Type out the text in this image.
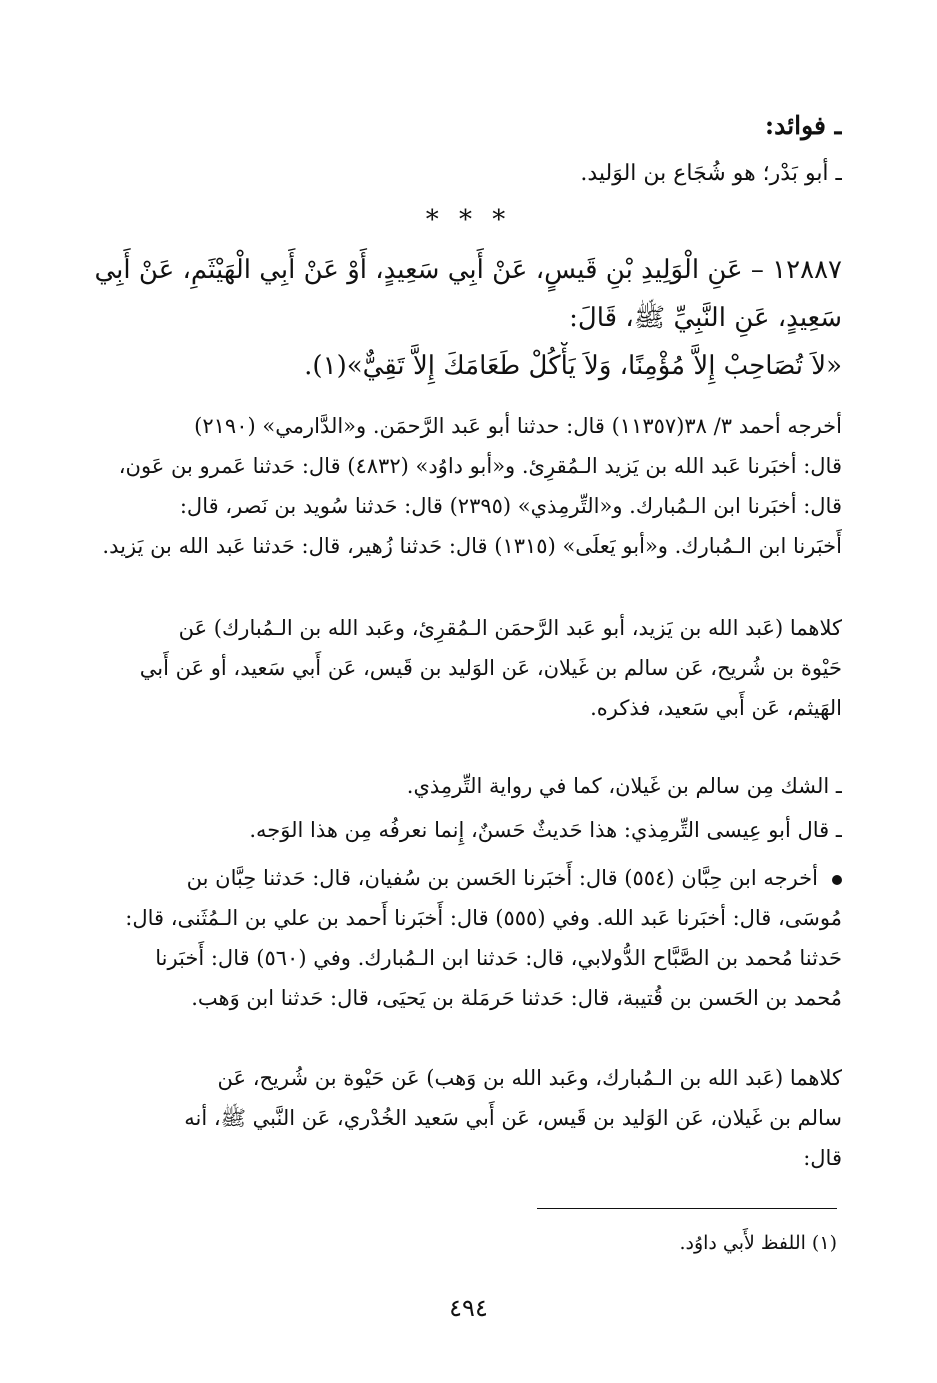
ـ فوائد:
ـ أبو بَدْر؛ هو شُجَاع بن الوَليد.
* * *
١٢٨٨٧ – عَنِ الْوَلِيدِ بْنِ قَيسٍ، عَنْ أَبِي سَعِيدٍ، أَوْ عَنْ أَبِي الْهَيْثَمِ، عَنْ أَبِي
سَعِيدٍ، عَنِ النَّبِيِّ ﷺ، قَالَ:
«لاَ تُصَاحِبْ إِلاَّ مُؤْمِنًا، وَلاَ يَأْكُلْ طَعَامَكَ إِلاَّ تَقِيٌّ»(١).
أخرجه أحمد ٣/ ٣٨(١١٣٥٧) قال: حدثنا أبو عَبد الرَّحمَن. و«الدَّارمي» (٢١٩٠)
قال: أخبَرنا عَبد الله بن يَزيد الـمُقرِئ. و«أبو داوُد» (٤٨٣٢) قال: حَدثنا عَمرو بن عَون،
قال: أخبَرنا ابن الـمُبارك. و«التِّرمِذي» (٢٣٩٥) قال: حَدثنا سُويد بن نَصر، قال:
أَخبَرنا ابن الـمُبارك. و«أبو يَعلَى» (١٣١٥) قال: حَدثنا زُهير، قال: حَدثنا عَبد الله بن يَزيد.
كلاهما (عَبد الله بن يَزيد، أبو عَبد الرَّحمَن الـمُقرِئ، وعَبد الله بن الـمُبارك) عَن
حَيْوة بن شُريح، عَن سالم بن غَيلان، عَن الوَليد بن قَيس، عَن أَبي سَعيد، أو عَن أَبي
الهَيثم، عَن أَبي سَعيد، فذكره.
ـ الشك مِن سالم بن غَيلان، كما في رواية التِّرمِذي.
ـ قال أبو عِيسى التِّرمِذي: هذا حَديثٌ حَسنٌ، إِنما نعرفُه مِن هذا الوَجه.
أخرجه ابن حِبَّان (٥٥٤) قال: أَخبَرنا الحَسن بن سُفيان، قال: حَدثنا حِبَّان بن
مُوسَى، قال: أخبَرنا عَبد الله. وفي (٥٥٥) قال: أَخبَرنا أَحمد بن علي بن الـمُثَنى، قال:
حَدثنا مُحمد بن الصَّبَّاح الدُّولابي، قال: حَدثنا ابن الـمُبارك. وفي (٥٦٠) قال: أَخبَرنا
مُحمد بن الحَسن بن قُتيبة، قال: حَدثنا حَرمَلة بن يَحيَى، قال: حَدثنا ابن وَهب.
كلاهما (عَبد الله بن الـمُبارك، وعَبد الله بن وَهب) عَن حَيْوة بن شُريح، عَن
سالم بن غَيلان، عَن الوَليد بن قَيس، عَن أَبي سَعيد الخُدْري، عَن النَّبي ﷺ، أنه
قال:
(١) اللفظ لأَبي داوُد.
٤٩٤
